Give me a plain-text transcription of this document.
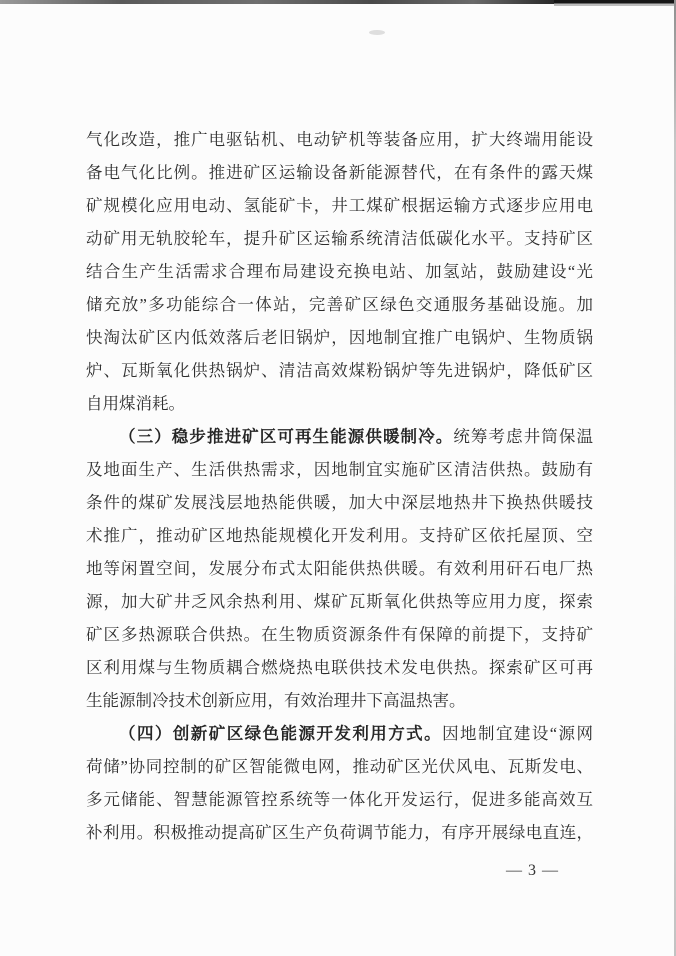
气化改造，推广电驱钻机、电动铲机等装备应用，扩大终端用能设
备电气化比例。推进矿区运输设备新能源替代，在有条件的露天煤
矿规模化应用电动、氢能矿卡，井工煤矿根据运输方式逐步应用电
动矿用无轨胶轮车，提升矿区运输系统清洁低碳化水平。支持矿区
结合生产生活需求合理布局建设充换电站、加氢站，鼓励建设“光
储充放”多功能综合一体站，完善矿区绿色交通服务基础设施。加
快淘汰矿区内低效落后老旧锅炉，因地制宜推广电锅炉、生物质锅
炉、瓦斯氧化供热锅炉、清洁高效煤粉锅炉等先进锅炉，降低矿区
自用煤消耗。
（三）稳步推进矿区可再生能源供暖制冷。统筹考虑井筒保温
及地面生产、生活供热需求，因地制宜实施矿区清洁供热。鼓励有
条件的煤矿发展浅层地热能供暖，加大中深层地热井下换热供暖技
术推广，推动矿区地热能规模化开发利用。支持矿区依托屋顶、空
地等闲置空间，发展分布式太阳能供热供暖。有效利用矸石电厂热
源，加大矿井乏风余热利用、煤矿瓦斯氧化供热等应用力度，探索
矿区多热源联合供热。在生物质资源条件有保障的前提下，支持矿
区利用煤与生物质耦合燃烧热电联供技术发电供热。探索矿区可再
生能源制冷技术创新应用，有效治理井下高温热害。
（四）创新矿区绿色能源开发利用方式。因地制宜建设“源网
荷储”协同控制的矿区智能微电网，推动矿区光伏风电、瓦斯发电、
多元储能、智慧能源管控系统等一体化开发运行，促进多能高效互
补利用。积极推动提高矿区生产负荷调节能力，有序开展绿电直连，
— 3 —
